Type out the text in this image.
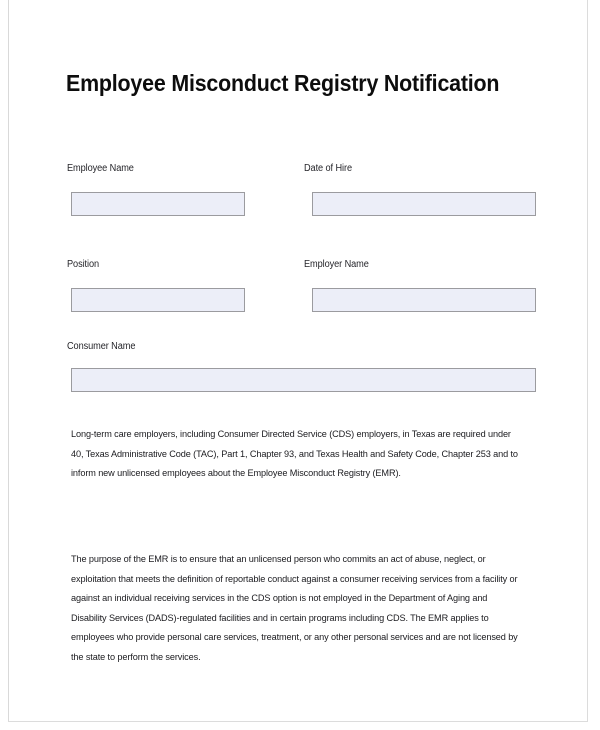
Employee Misconduct Registry Notification
Employee Name	Date of Hire
Position	Employer Name
Consumer Name
Long-term care employers, including Consumer Directed Service (CDS) employers, in Texas are required under 40, Texas Administrative Code (TAC), Part 1, Chapter 93, and Texas Health and Safety Code, Chapter 253 and to inform new unlicensed employees about the Employee Misconduct Registry (EMR).
The purpose of the EMR is to ensure that an unlicensed person who commits an act of abuse, neglect, or exploitation that meets the definition of reportable conduct against a consumer receiving services from a facility or against an individual receiving services in the CDS option is not employed in the Department of Aging and Disability Services (DADS)-regulated facilities and in certain programs including CDS. The EMR applies to employees who provide personal care services, treatment, or any other personal services and are not licensed by the state to perform the services.
